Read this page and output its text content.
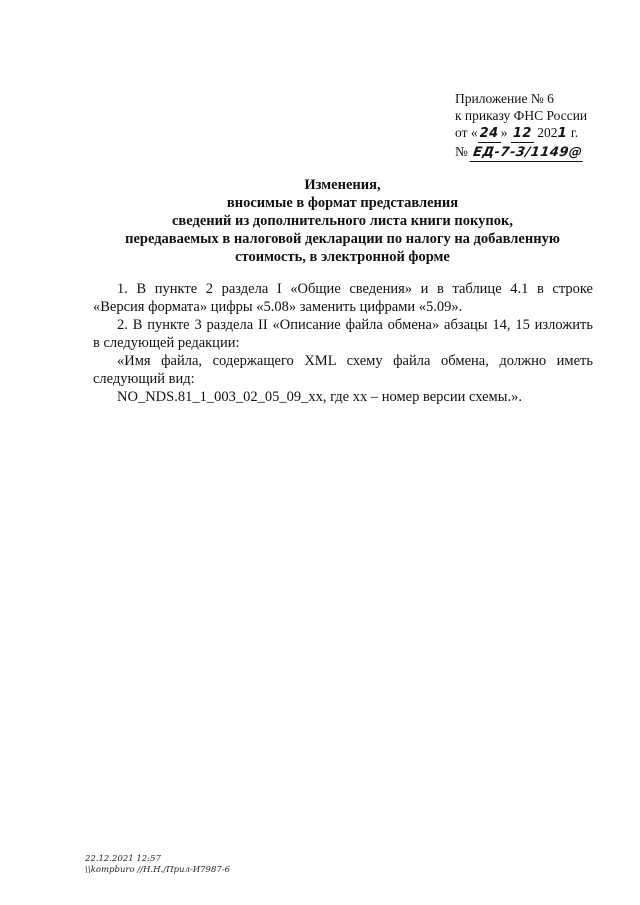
Приложение № 6
к приказу ФНС России
от « 24 » 12 2021 г.
№ ЕД-7-3/1149@
Изменения,
вносимые в формат представления
сведений из дополнительного листа книги покупок,
передаваемых в налоговой декларации по налогу на добавленную
стоимость, в электронной форме
1. В пункте 2 раздела I «Общие сведения» и в таблице 4.1 в строке
«Версия формата» цифры «5.08» заменить цифрами «5.09».
2. В пункте 3 раздела II «Описание файла обмена» абзацы 14, 15 изложить
в следующей редакции:
«Имя файла, содержащего XML схему файла обмена, должно иметь
следующий вид:
NO_NDS.81_1_003_02_05_09_xx, где хх – номер версии схемы.».
22.12.2021 12:57
\\kompburo //Н.Н./Прил-И7987-6
